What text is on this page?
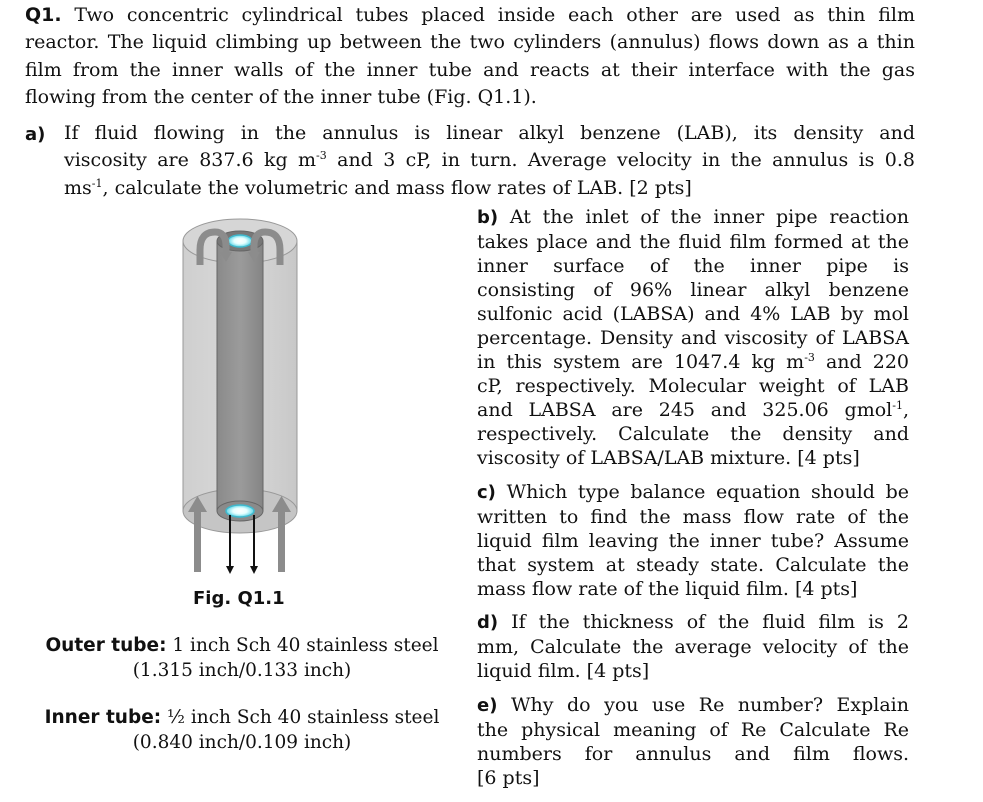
Q1. Two concentric cylindrical tubes placed inside each other are used as thin film
reactor. The liquid climbing up between the two cylinders (annulus) flows down as a thin
film from the inner walls of the inner tube and reacts at their interface with the gas
flowing from the center of the inner tube (Fig. Q1.1).
a) If fluid flowing in the annulus is linear alkyl benzene (LAB), its density and
viscosity are 837.6 kg $m^{-3}$ and 3 cP, in turn. Average velocity in the annulus is 0.8
$ms^{-1}$, calculate the volumetric and mass flow rates of LAB. [2 pts]
Fig. Q1.1
Outer tube: 1 inch Sch 40 stainless steel
(1.315 inch/0.133 inch)
Inner tube: ½ inch Sch 40 stainless steel
(0.840 inch/0.109 inch)
b) At the inlet of the inner pipe reaction
takes place and the fluid film formed at the
inner surface of the inner pipe is
consisting of 96% linear alkyl benzene
sulfonic acid (LABSA) and 4% LAB by mol
percentage. Density and viscosity of LABSA
in this system are 1047.4 kg $m^{-3}$ and 220
cP, respectively. Molecular weight of LAB
and LABSA are 245 and 325.06 gmol$^{-1}$,
respectively. Calculate the density and
viscosity of LABSA/LAB mixture. [4 pts]
c) Which type balance equation should be
written to find the mass flow rate of the
liquid film leaving the inner tube? Assume
that system at steady state. Calculate the
mass flow rate of the liquid film. [4 pts]
d) If the thickness of the fluid film is 2
mm, Calculate the average velocity of the
liquid film. [4 pts]
e) Why do you use Re number? Explain
the physical meaning of Re Calculate Re
numbers for annulus and film flows.
[6 pts]
